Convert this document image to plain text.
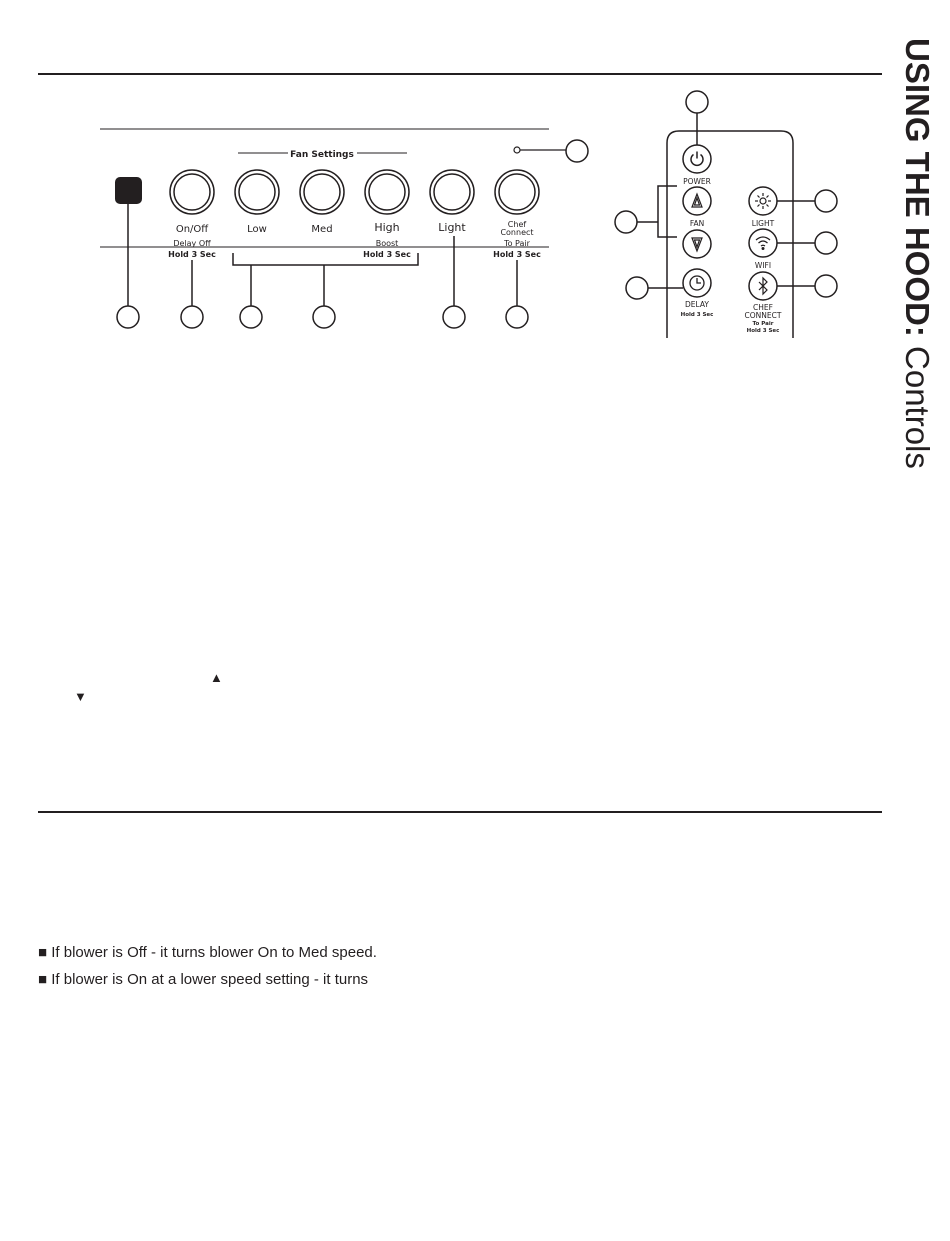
Fan Settings
On/Off
Delay Off
Hold 3 Sec
Low	Med	High
Boost
Hold 3 Sec
Light	Chef
Connect
To Pair
Hold 3 Sec
POWER
FAN
DELAY
Hold 3 Sec
LIGHT
WIFI
CHEF
CONNECT
To Pair
Hold 3 Sec	USING THE HOOD: Controls
▲
▼
■ If blower is Off - it turns blower On to Med speed.
■ If blower is On at a lower speed setting - it turns
